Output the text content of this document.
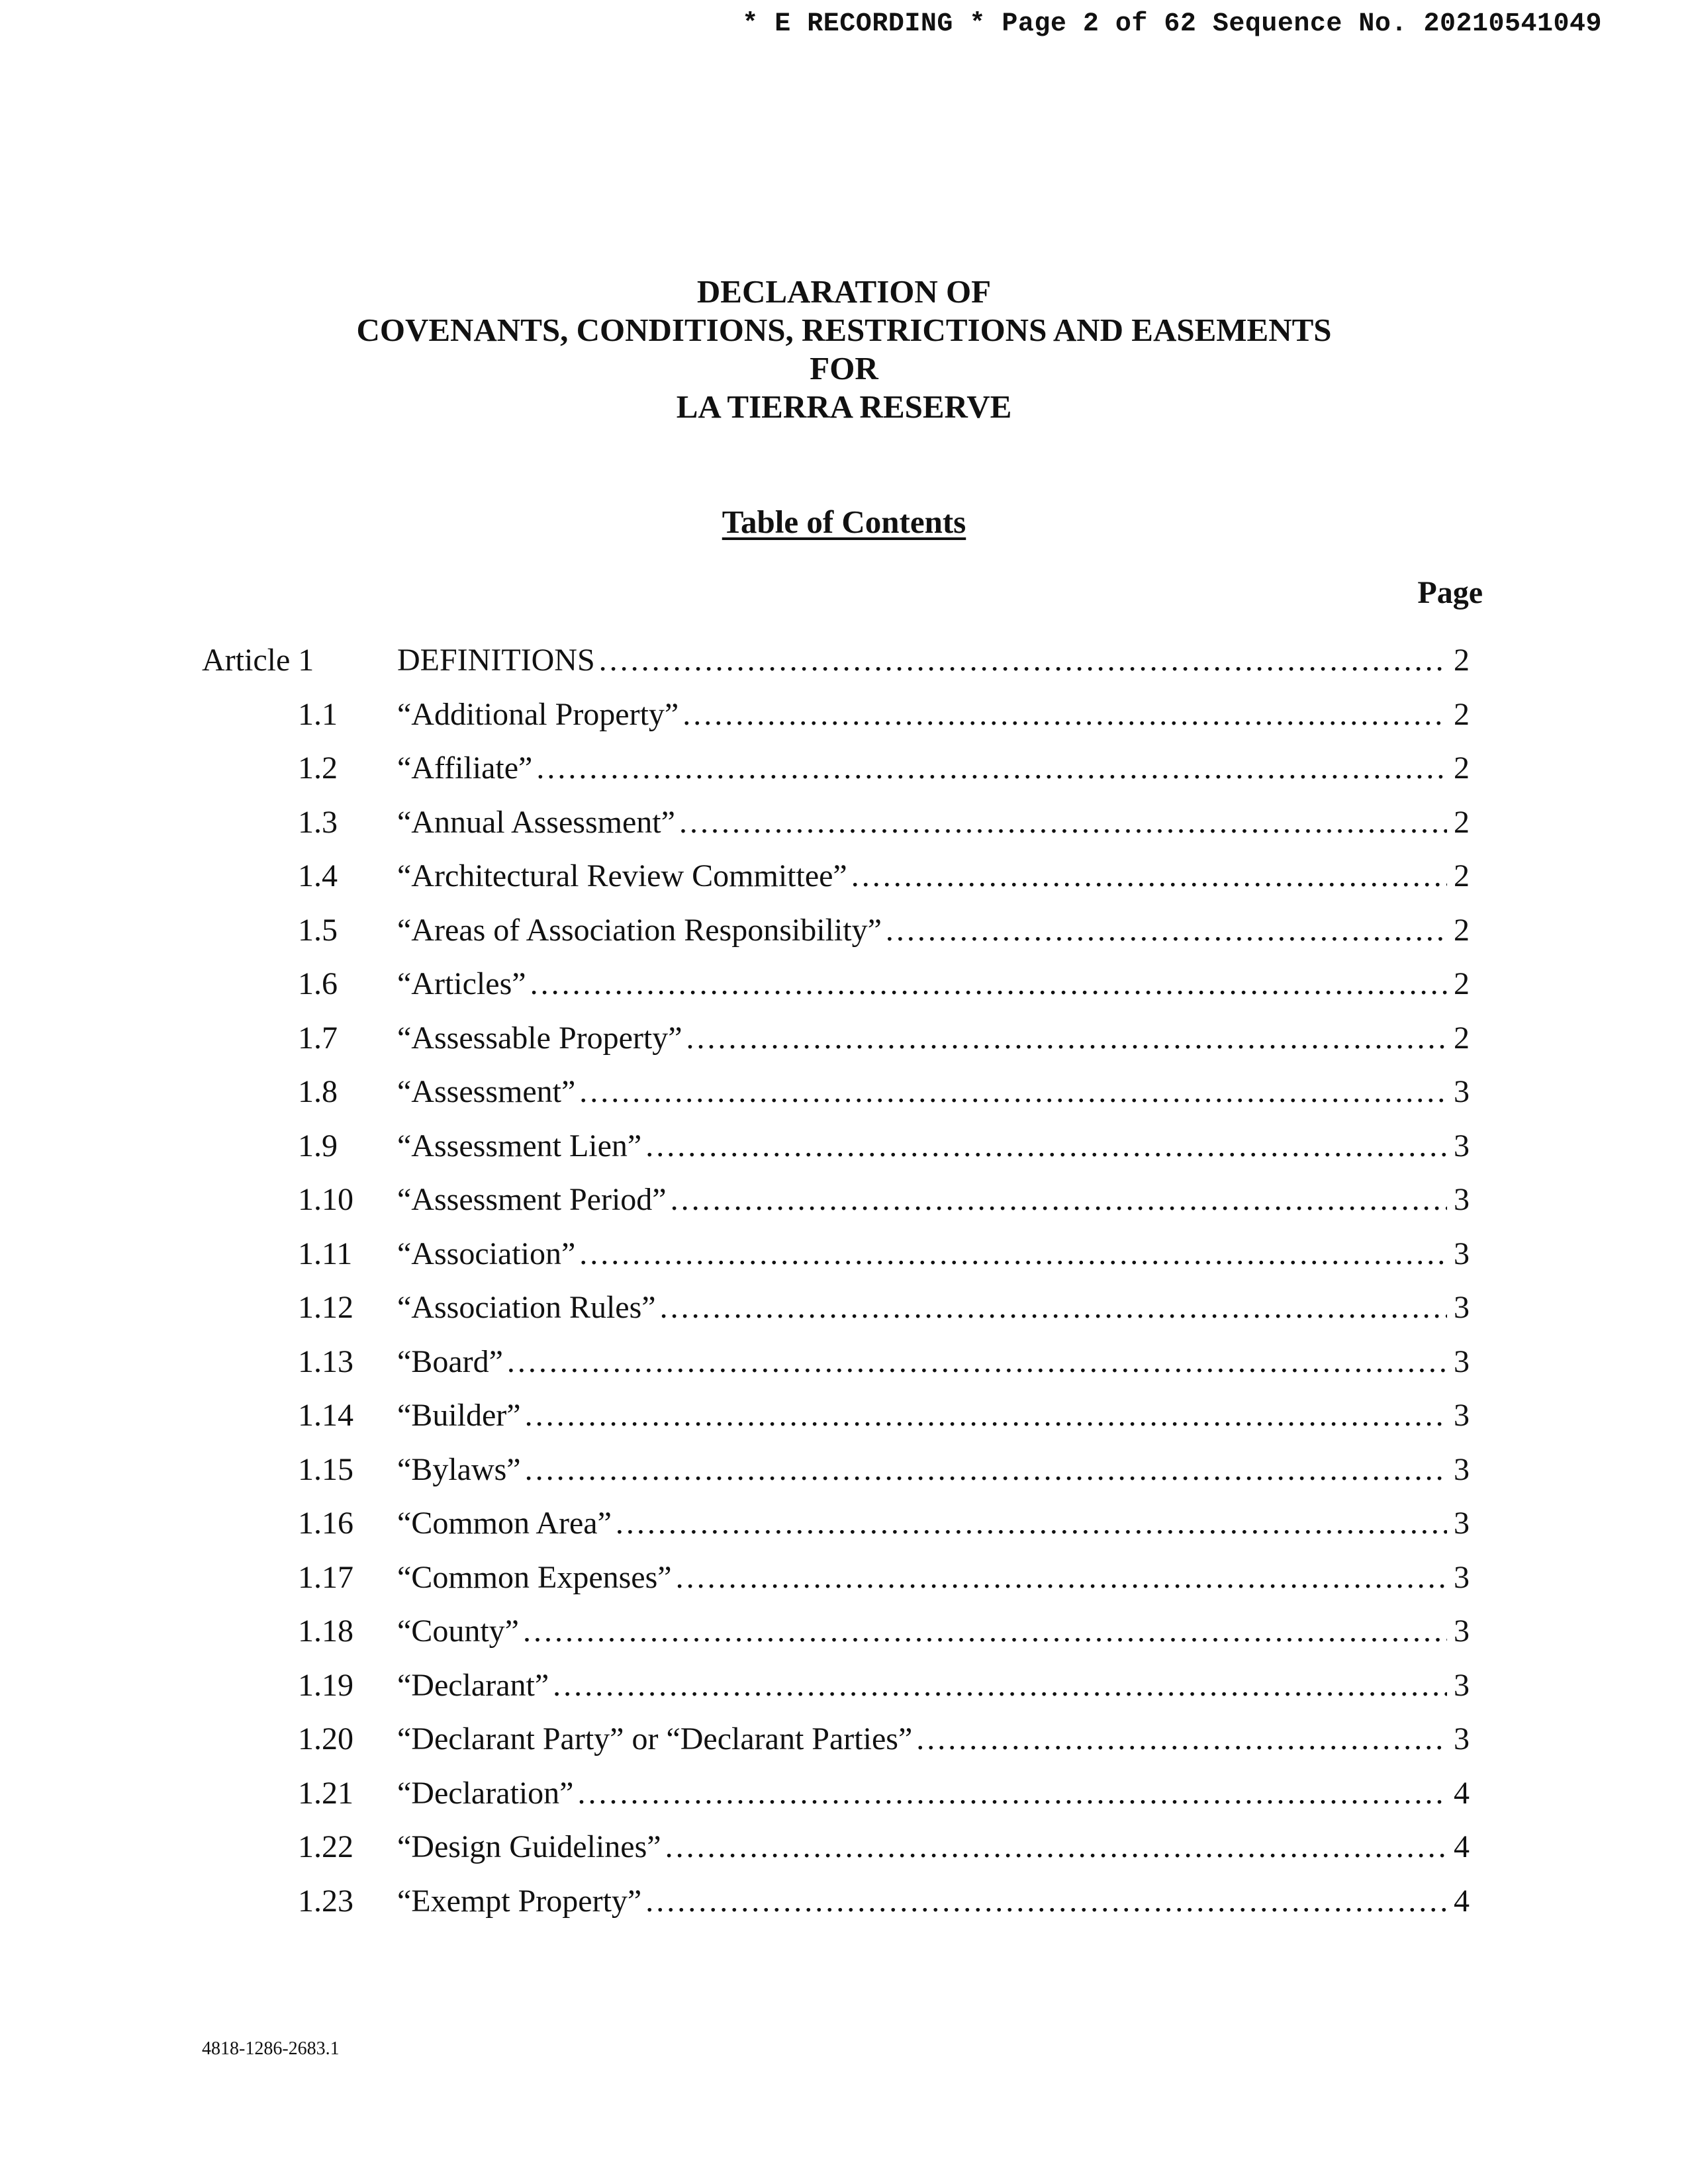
* E RECORDING * Page 2 of 62 Sequence No. 20210541049
DECLARATION OF
COVENANTS, CONDITIONS, RESTRICTIONS AND EASEMENTS
FOR
LA TIERRA RESERVE
Table of Contents
Page
Article 1	DEFINITIONS .....	2
1.1 “Additional Property” .....	2
1.2 “Affiliate” .....	2
1.3 “Annual Assessment” .....	2
1.4 “Architectural Review Committee” .....	2
1.5 “Areas of Association Responsibility” .....	2
1.6 “Articles” .....	2
1.7 “Assessable Property” .....	2
1.8 “Assessment” .....	3
1.9 “Assessment Lien” .....	3
1.10 “Assessment Period” .....	3
1.11 “Association” .....	3
1.12 “Association Rules” .....	3
1.13 “Board” .....	3
1.14 “Builder” .....	3
1.15 “Bylaws” .....	3
1.16 “Common Area” .....	3
1.17 “Common Expenses” .....	3
1.18 “County” .....	3
1.19 “Declarant” .....	3
1.20 “Declarant Party” or “Declarant Parties” .....	3
1.21 “Declaration” .....	4
1.22 “Design Guidelines” .....	4
1.23 “Exempt Property” .....	4
4818-1286-2683.1
